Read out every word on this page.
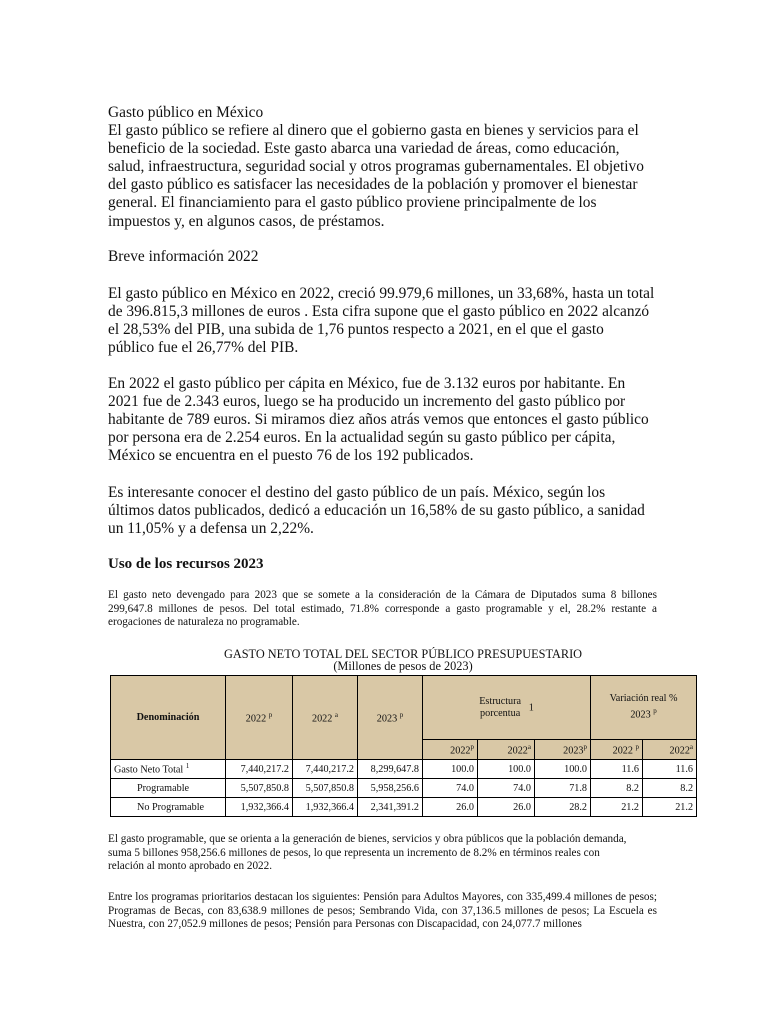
Gasto público en México

El gasto público se refiere al dinero que el gobierno gasta en bienes y servicios para el

beneficio de la sociedad. Este gasto abarca una variedad de áreas, como educación,

salud, infraestructura, seguridad social y otros programas gubernamentales. El objetivo

del gasto público es satisfacer las necesidades de la población y promover el bienestar

general. El financiamiento para el gasto público proviene principalmente de los

impuestos y, en algunos casos, de préstamos.

Breve información 2022

El gasto público en México en 2022, creció 99.979,6 millones, un 33,68%, hasta un total

de 396.815,3 millones de euros . Esta cifra supone que el gasto público en 2022 alcanzó

el 28,53% del PIB, una subida de 1,76 puntos respecto a 2021, en el que el gasto

público fue el 26,77% del PIB.

En 2022 el gasto público per cápita en México, fue de 3.132 euros por habitante. En

2021 fue de 2.343 euros, luego se ha producido un incremento del gasto público por

habitante de 789 euros. Si miramos diez años atrás vemos que entonces el gasto público

por persona era de 2.254 euros. En la actualidad según su gasto público per cápita,

México se encuentra en el puesto 76 de los 192 publicados.

Es interesante conocer el destino del gasto público de un país. México, según los

últimos datos publicados, dedicó a educación un 16,58% de su gasto público, a sanidad

un 11,05% y a defensa un 2,22%.

Uso de los recursos 2023

El gasto neto devengado para 2023 que se somete a la consideración de la Cámara de Diputados suma 8 billones 299,647.8 millones de pesos. Del total estimado, 71.8% corresponde a gasto programable y el, 28.2% restante a erogaciones de naturaleza no programable.

GASTO NETO TOTAL DEL SECTOR PÚBLICO PRESUPUESTARIO
(Millones de pesos de 2023)
Denominación	2022 $^p$	2022 $^a$	2023 $^p$	Estructura
porcentua   1			Variación real %
2023 $^p$
				2022$^p$	2022$^a$	2023$^p$	2022 $^p$	2022$^a$
Gasto Neto Total $^1$	7,440,217.2	7,440,217.2	8,299,647.8	100.0	100.0	100.0	11.6	11.6
Programable	5,507,850.8	5,507,850.8	5,958,256.6	74.0	74.0	71.8	8.2	8.2
No Programable	1,932,366.4	1,932,366.4	2,341,391.2	26.0	26.0	28.2	21.2	21.2

El gasto programable, que se orienta a la generación de bienes, servicios y obra públicos que la población demanda,

suma 5 billones 958,256.6 millones de pesos, lo que representa un incremento de 8.2% en términos reales con

relación al monto aprobado en 2022.

Entre los programas prioritarios destacan los siguientes: Pensión para Adultos Mayores, con 335,499.4 millones de pesos; Programas de Becas, con 83,638.9 millones de pesos; Sembrando Vida, con 37,136.5 millones de pesos; La Escuela es Nuestra, con 27,052.9 millones de pesos; Pensión para Personas con Discapacidad, con 24,077.7 millones
